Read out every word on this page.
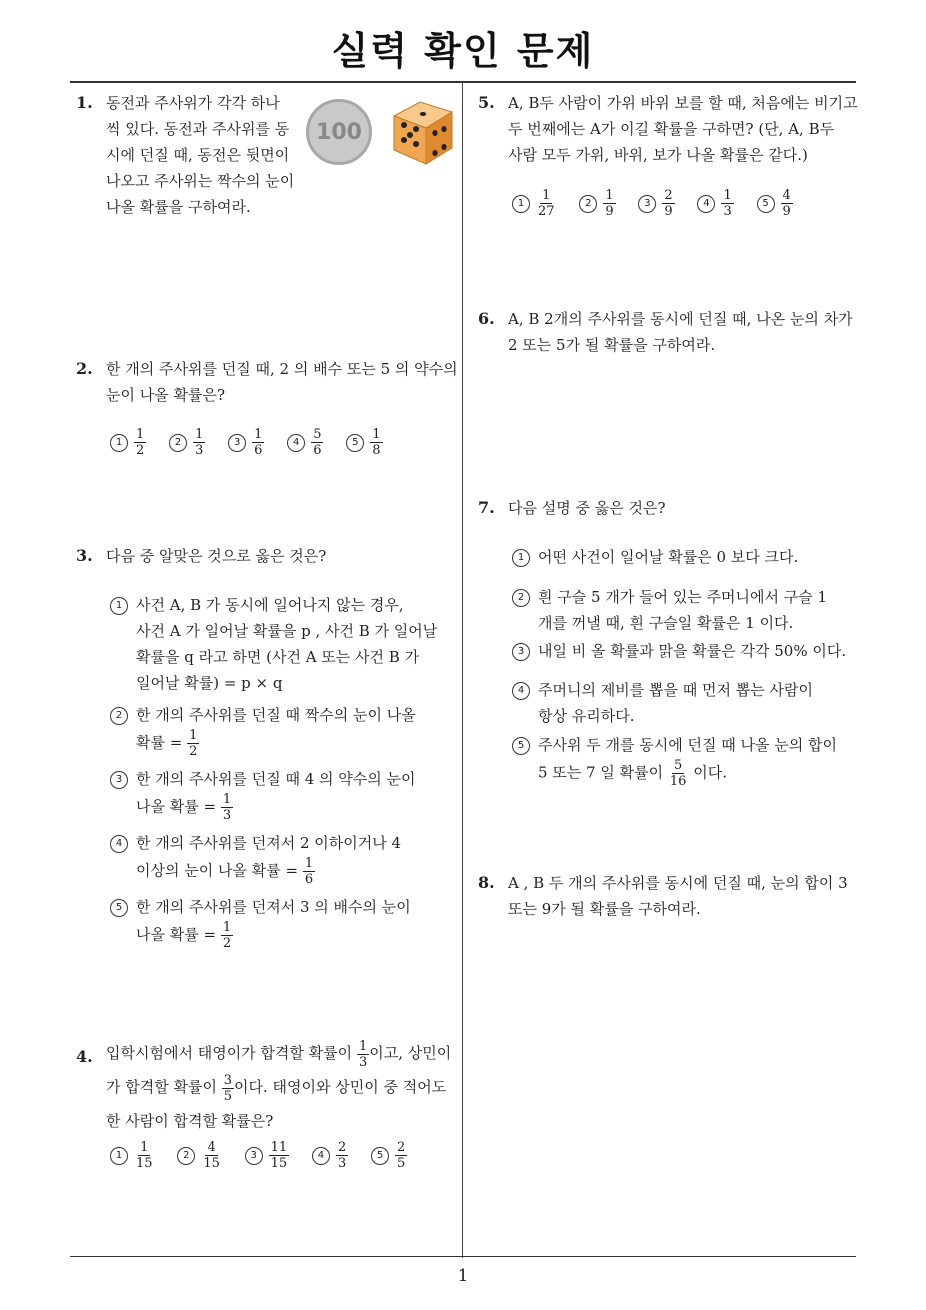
실력 확인 문제
1
1. 동전과 주사위가 각각 하나
씩 있다. 동전과 주사위를 동
시에 던질 때, 동전은 뒷면이
나오고 주사위는 짝수의 눈이
나올 확률을 구하여라.
100
2. 한 개의 주사위를 던질 때, 2 의 배수 또는 5 의 약수의
눈이 나올 확률은?
$1 \frac{1}{2}$
	$2 \frac{1}{3}$
	$3 \frac{1}{6}$
	$4 \frac{5}{6}$
	$5 \frac{1}{8}$
3. 다음 중 알맞은 것으로 옳은 것은?
1 사건 A, B 가 동시에 일어나지 않는 경우,
사건 A 가 일어날 확률을 p , 사건 B 가 일어날
확률을 q 라고 하면 (사건 A 또는 사건 B 가
일어날 확률) = p × q
2 한 개의 주사위를 던질 때 짝수의 눈이 나올
확률 = $\frac{1}{2}$
3 한 개의 주사위를 던질 때 4 의 약수의 눈이
나올 확률 = $\frac{1}{3}$
4 한 개의 주사위를 던져서 2 이하이거나 4
이상의 눈이 나올 확률 = $\frac{1}{6}$
5 한 개의 주사위를 던져서 3 의 배수의 눈이
나올 확률 = $\frac{1}{2}$
4. 입학시험에서 태영이가 합격할 확률이 $\frac{1}{3}$ 이고, 상민이
가 합격할 확률이 $\frac{3}{5}$ 이다. 태영이와 상민이 중 적어도
한 사람이 합격할 확률은?
$1 \frac{1}{15}$
	$2 \frac{4}{15}$
	$3 \frac{11}{15}$
	$4 \frac{2}{3}$
	$5 \frac{2}{5}$
5. A, B두 사람이 가위 바위 보를 할 때, 처음에는 비기고
두 번째에는 A가 이길 확률을 구하면? (단, A, B두
사람 모두 가위, 바위, 보가 나올 확률은 같다.)
$1 \frac{1}{27}$
	$2 \frac{1}{9}$
	$3 \frac{2}{9}$
	$4 \frac{1}{3}$
	$5 \frac{4}{9}$
6. A, B 2개의 주사위를 동시에 던질 때, 나온 눈의 차가
2 또는 5가 될 확률을 구하여라.
7. 다음 설명 중 옳은 것은?
1 어떤 사건이 일어날 확률은 0 보다 크다.
2 흰 구슬 5 개가 들어 있는 주머니에서 구슬 1
개를 꺼낼 때, 흰 구슬일 확률은 1 이다.
3 내일 비 올 확률과 맑을 확률은 각각 50% 이다.
4 주머니의 제비를 뽑을 때 먼저 뽑는 사람이
항상 유리하다.
5 주사위 두 개를 동시에 던질 때 나올 눈의 합이
5 또는 7 일 확률이 $\frac{5}{16}$ 이다.
8. A , B 두 개의 주사위를 동시에 던질 때, 눈의 합이 3
또는 9가 될 확률을 구하여라.
